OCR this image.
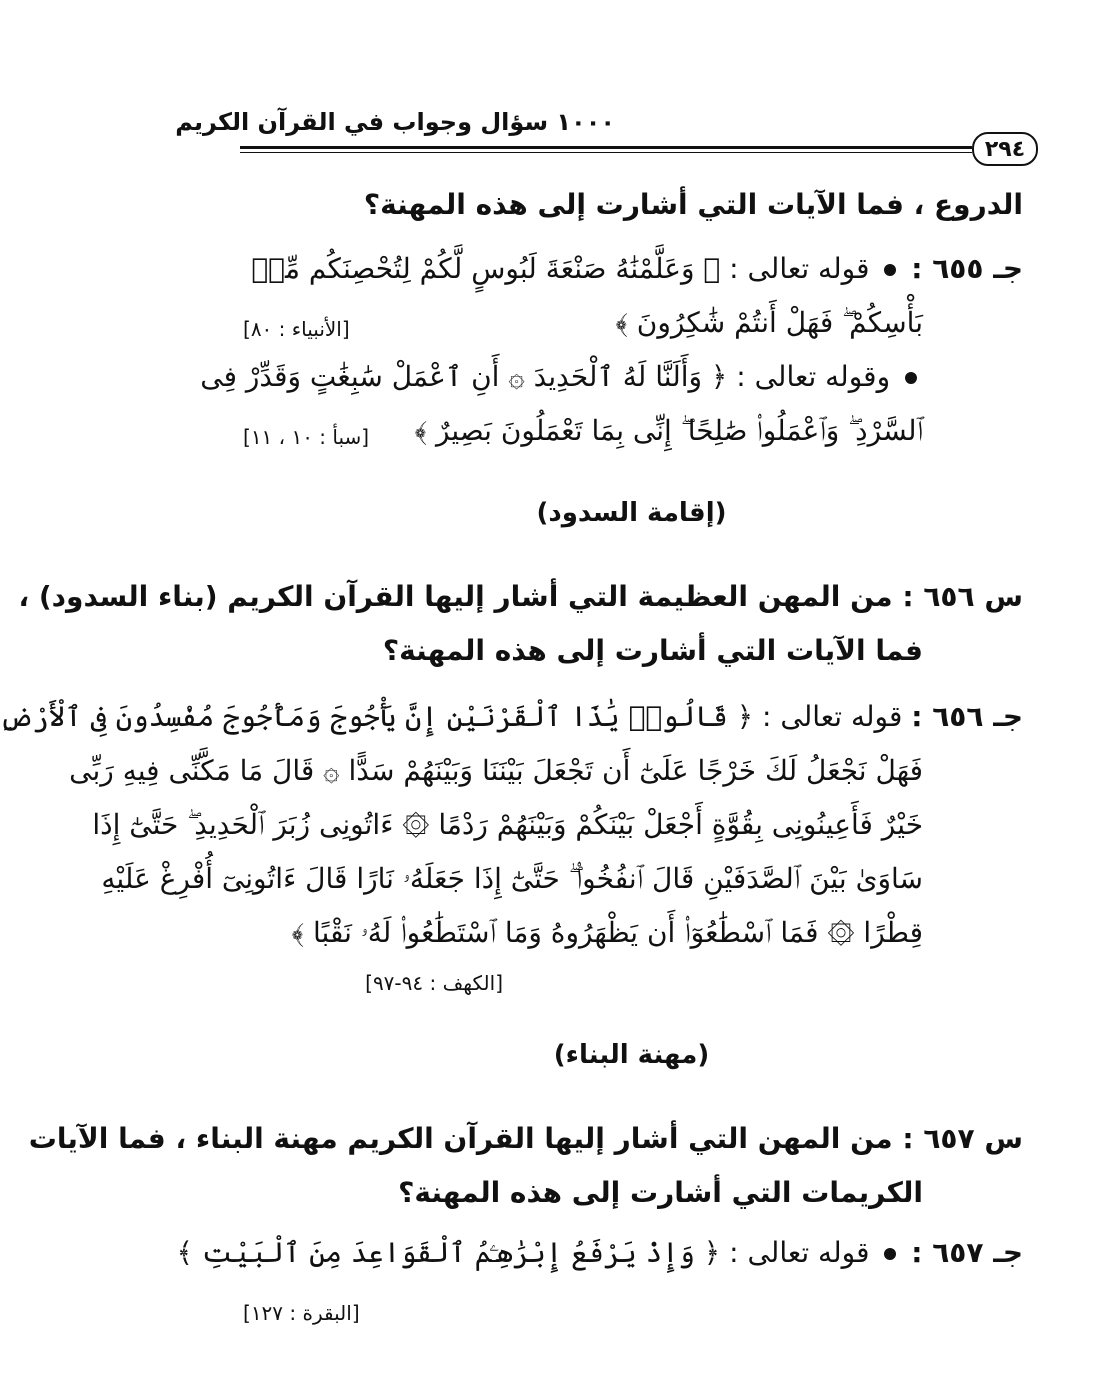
١٠٠٠ سؤال وجواب في القرآن الكريم
٢٩٤
الدروع ، فما الآيات التي أشارت إلى هذه المهنة؟
جـ ٦٥٥ :  قوله تعالى : ﴿ وَعَلَّمْنَٰهُ صَنْعَةَ لَبُوسٍ لَّكُمْ لِتُحْصِنَكُم مِّنۢ
بَأْسِكُمْ ۖ فَهَلْ أَنتُمْ شَٰكِرُونَ ﴾
[الأنبياء : ٨٠]
وقوله تعالى : ﴿ وَأَلَنَّا لَهُ ٱلْحَدِيدَ ۞ أَنِ ٱعْمَلْ سَٰبِغَٰتٍ وَقَدِّرْ فِى
ٱلسَّرْدِ ۖ وَٱعْمَلُوا۟ صَٰلِحًا ۖ إِنِّى بِمَا تَعْمَلُونَ بَصِيرٌ ﴾
[سبأ : ١٠ ، ١١]
(إقامة السدود)
س ٦٥٦ : من المهن العظيمة التي أشار إليها القرآن الكريم (بناء السدود) ،
فما الآيات التي أشارت إلى هذه المهنة؟
جـ ٦٥٦ : قوله تعالى : ﴿ قَالُوا۟ يَٰذَا ٱلْقَرْنَيْنِ إِنَّ يَأْجُوجَ وَمَأْجُوجَ مُفْسِدُونَ فِى ٱلْأَرْضِ
فَهَلْ نَجْعَلُ لَكَ خَرْجًا عَلَىٰٓ أَن تَجْعَلَ بَيْنَنَا وَبَيْنَهُمْ سَدًّا ۞ قَالَ مَا مَكَّنِّى فِيهِ رَبِّى
خَيْرٌ فَأَعِينُونِى بِقُوَّةٍ أَجْعَلْ بَيْنَكُمْ وَبَيْنَهُمْ رَدْمًا ۞ ءَاتُونِى زُبَرَ ٱلْحَدِيدِ ۖ حَتَّىٰٓ إِذَا
سَاوَىٰ بَيْنَ ٱلصَّدَفَيْنِ قَالَ ٱنفُخُوا۟ ۖ حَتَّىٰٓ إِذَا جَعَلَهُۥ نَارًا قَالَ ءَاتُونِىٓ أُفْرِغْ عَلَيْهِ
قِطْرًا ۞ فَمَا ٱسْطَٰعُوٓا۟ أَن يَظْهَرُوهُ وَمَا ٱسْتَطَٰعُوا۟ لَهُۥ نَقْبًا ﴾
[الكهف : ٩٤-٩٧]
(مهنة البناء)
س ٦٥٧ : من المهن التي أشار إليها القرآن الكريم مهنة البناء ، فما الآيات
الكريمات التي أشارت إلى هذه المهنة؟
جـ ٦٥٧ :  قوله تعالى : ﴿ وَإِذْ يَرْفَعُ إِبْرَٰهِـۧمُ ٱلْقَوَاعِدَ مِنَ ٱلْبَيْتِ ﴾
[البقرة : ١٢٧]
